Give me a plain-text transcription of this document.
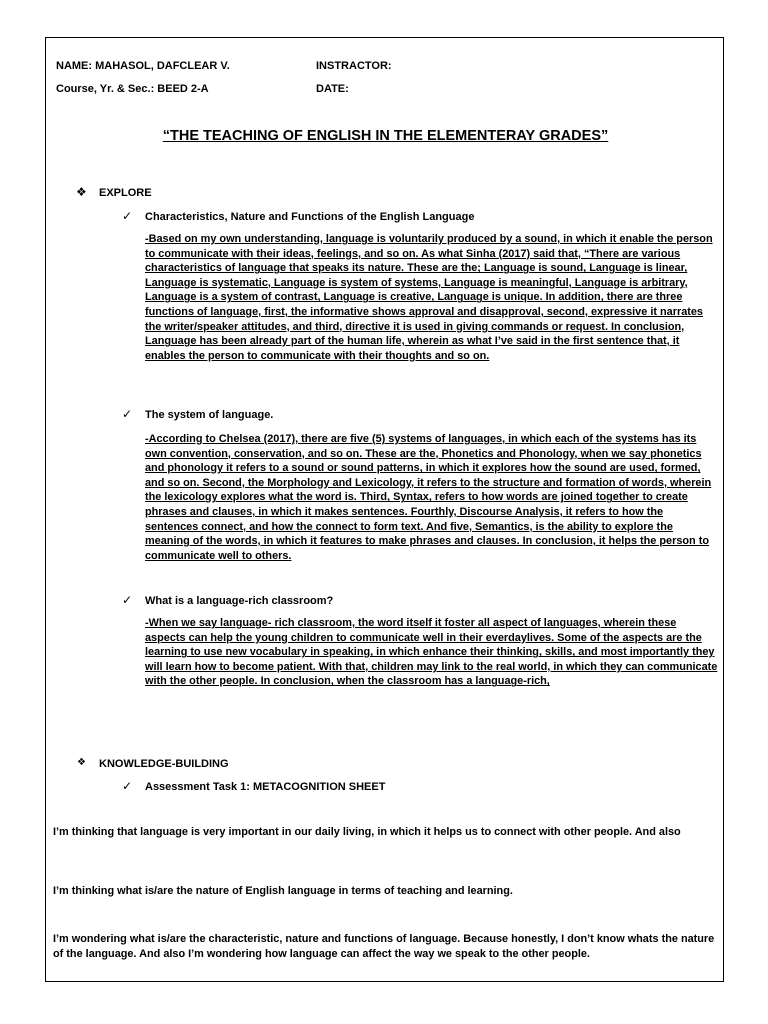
NAME: MAHASOL, DAFCLEAR V.	INSTRACTOR:
Course, Yr. & Sec.: BEED 2-A	DATE:
“THE TEACHING OF ENGLISH IN THE ELEMENTERAY GRADES”
❖ EXPLORE
✓ Characteristics, Nature and Functions of the English Language
-Based on my own understanding, language is voluntarily produced by a sound, in which it enable the person to communicate with their ideas, feelings, and so on. As what Sinha (2017) said that, “There are various characteristics of language that speaks its nature. These are the; Language is sound, Language is linear, Language is systematic, Language is system of systems, Language is meaningful, Language is arbitrary, Language is a system of contrast, Language is creative, Language is unique. In addition, there are three functions of language, first, the informative shows approval and disapproval, second, expressive it narrates the writer/speaker attitudes, and third, directive it is used in giving commands or request. In conclusion, Language has been already part of the human life, wherein as what I’ve said in the first sentence that, it enables the person to communicate with their thoughts and so on.
✓ The system of language.
-According to Chelsea (2017), there are five (5) systems of languages, in which each of the systems has its own convention, conservation, and so on. These are the, Phonetics and Phonology, when we say phonetics and phonology it refers to a sound or sound patterns, in which it explores how the sound are used, formed, and so on. Second, the Morphology and Lexicology, it refers to the structure and formation of words, wherein the lexicology explores what the word is. Third, Syntax, refers to how words are joined together to create phrases and clauses, in which it makes sentences. Fourthly, Discourse Analysis, it refers to how the sentences connect, and how the connect to form text. And five, Semantics, is the ability to explore the meaning of the words, in which it features to make phrases and clauses. In conclusion, it helps the person to communicate well to others.
✓ What is a language-rich classroom?
-When we say language- rich classroom, the word itself it foster all aspect of languages, wherein these aspects can help the young children to communicate well in their everdaylives. Some of the aspects are the learning to use new vocabulary in speaking, in which enhance their thinking, skills, and most importantly they will learn how to become patient. With that, children may link to the real world, in which they can communicate with the other people. In conclusion, when the classroom has a language-rich,
❖ KNOWLEDGE-BUILDING
✓ Assessment Task 1: METACOGNITION SHEET
I’m thinking that language is very important in our daily living, in which it helps us to connect with other people. And also
I’m thinking what is/are the nature of English language in terms of teaching and learning.
I’m wondering what is/are the characteristic, nature and functions of language. Because honestly, I don’t know whats the nature of the language. And also I’m wondering how language can affect the way we speak to the other people.
